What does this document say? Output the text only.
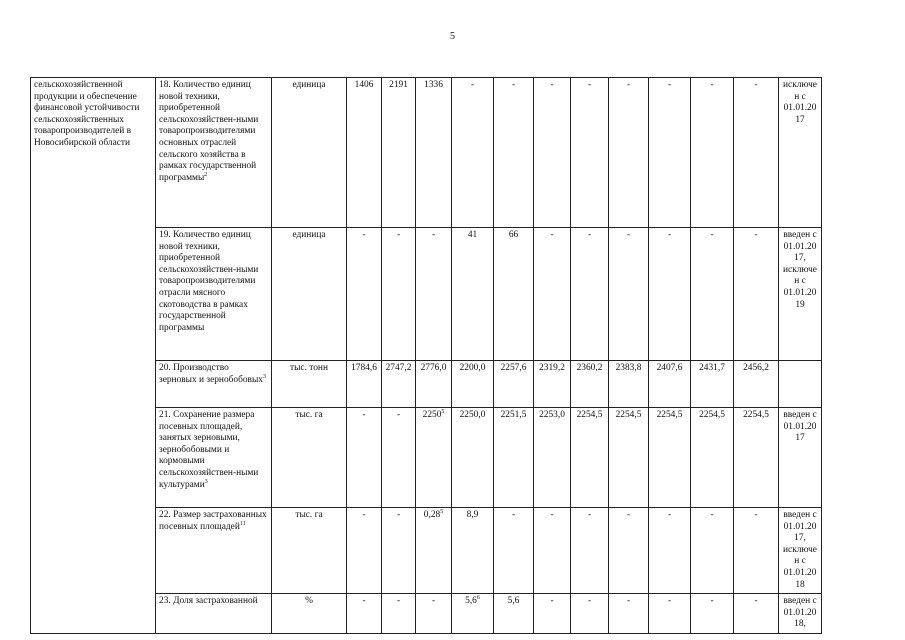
5
сельскохозяйственной продукции и обеспечение финансовой устойчивости сельскохозяйственных товаропроизводителей в Новосибирской области	18. Количество единиц новой техники, приобретенной сельскохозяйствен-ными товаропроизводителями основных отраслей сельского хозяйства в рамках государственной программы$^2$	единица	1406	2191	1336	-	-	-	-	-	-	-	-	исключен с 01.01.2017
	19. Количество единиц новой техники, приобретенной сельскохозяйствен-ными товаропроизводителями отрасли мясного скотоводства в рамках государственной программы	единица	-	-	-	41	66	-	-	-	-	-	-	введен с 01.01.2017, исключен с 01.01.2019
	20. Производство зерновых и зернобобовых$^3$	тыс. тонн	1784,6	2747,2	2776,0	2200,0	2257,6	2319,2	2360,2	2383,8	2407,6	2431,7	2456,2	
	21. Сохранение размера посевных площадей, занятых зерновыми, зернобобовыми и кормовыми сельскохозяйствен-ными культурами$^3$	тыс. га	-	-	2250$^5$	2250,0	2251,5	2253,0	2254,5	2254,5	2254,5	2254,5	2254,5	введен с 01.01.2017
	22. Размер застрахованных посевных площадей$^{11}$	тыс. га	-	-	0,28$^5$	8,9	-	-	-	-	-	-	-	введен с 01.01.2017, исключен с 01.01.2018
	23. Доля застрахованной	%	-	-	-	$5,6^6$	5,6	-	-	-	-	-	-	введен с 01.01.2018,
